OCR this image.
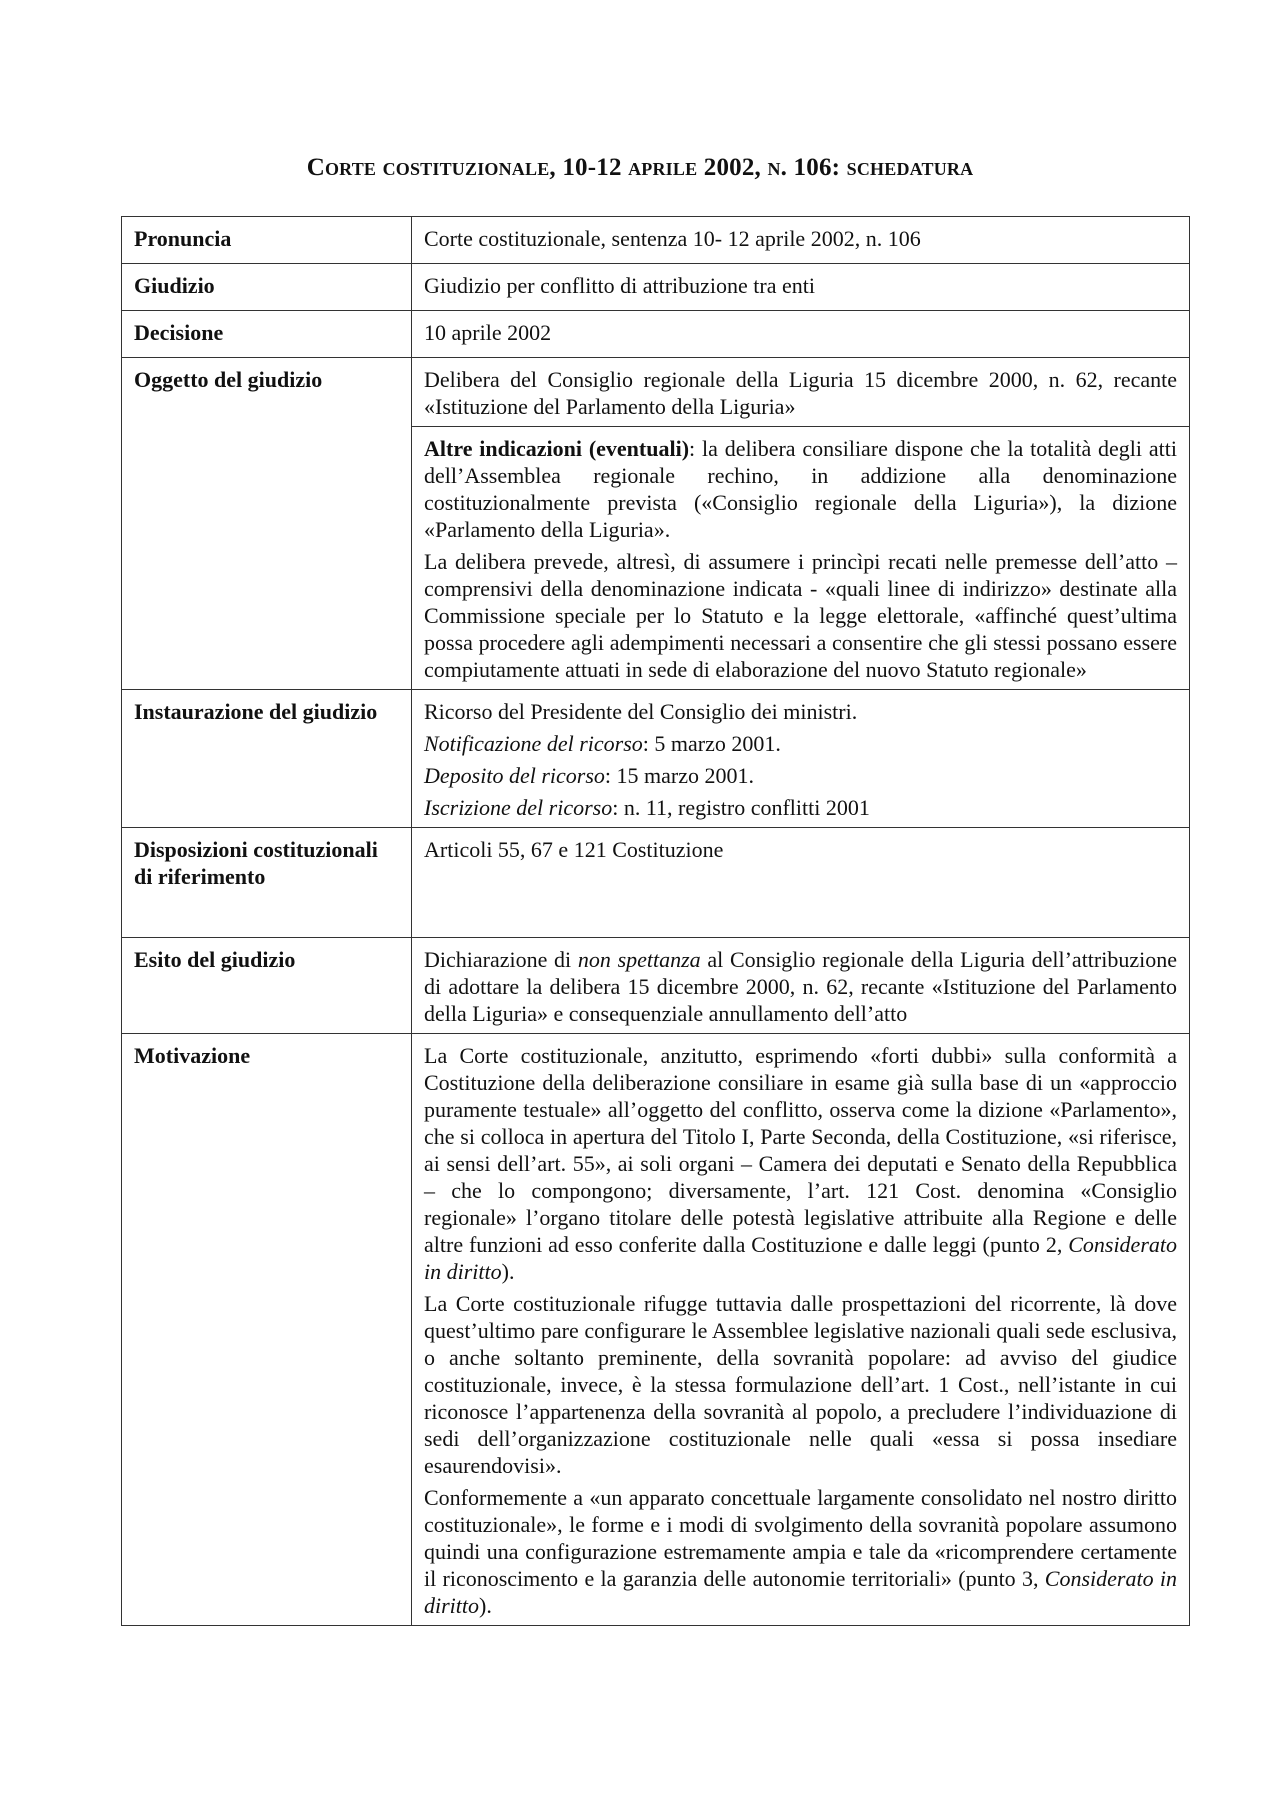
Corte costituzionale, 10-12 aprile 2002, n. 106: schedatura
Pronuncia	Corte costituzionale, sentenza 10- 12 aprile 2002, n. 106
Giudizio	Giudizio per conflitto di attribuzione tra enti
Decisione	10 aprile 2002
Oggetto del giudizio	Delibera del Consiglio regionale della Liguria 15 dicembre 2000, n. 62, recante «Istituzione del Parlamento della Liguria»

	Altre indicazioni (eventuali): la delibera consiliare dispone che la totalità degli atti dell’Assemblea regionale rechino, in addizione alla denominazione costituzionalmente prevista («Consiglio regionale della Liguria»), la dizione «Parlamento della Liguria».

La delibera prevede, altresì, di assumere i princìpi recati nelle premesse dell’atto – comprensivi della denominazione indicata - «quali linee di indirizzo» destinate alla Commissione speciale per lo Statuto e la legge elettorale, «affinché quest’ultima possa procedere agli adempimenti necessari a consentire che gli stessi possano essere compiutamente attuati in sede di elaborazione del nuovo Statuto regionale»

Instaurazione del giudizio	Ricorso del Presidente del Consiglio dei ministri.

Notificazione del ricorso: 5 marzo 2001.

Deposito del ricorso: 15 marzo 2001.

Iscrizione del ricorso: n. 11, registro conflitti 2001

Disposizioni costituzionali di riferimento	Articoli 55, 67 e 121 Costituzione
Esito del giudizio	Dichiarazione di non spettanza al Consiglio regionale della Liguria dell’attribuzione di adottare la delibera 15 dicembre 2000, n. 62, recante «Istituzione del Parlamento della Liguria» e consequenziale annullamento dell’atto

Motivazione	La Corte costituzionale, anzitutto, esprimendo «forti dubbi» sulla conformità a Costituzione della deliberazione consiliare in esame già sulla base di un «approccio puramente testuale» all’oggetto del conflitto, osserva come la dizione «Parlamento», che si colloca in apertura del Titolo I, Parte Seconda, della Costituzione, «si riferisce, ai sensi dell’art. 55», ai soli organi – Camera dei deputati e Senato della Repubblica – che lo compongono; diversamente, l’art. 121 Cost. denomina «Consiglio regionale» l’organo titolare delle potestà legislative attribuite alla Regione e delle altre funzioni ad esso conferite dalla Costituzione e dalle leggi (punto 2, Considerato in diritto).

La Corte costituzionale rifugge tuttavia dalle prospettazioni del ricorrente, là dove quest’ultimo pare configurare le Assemblee legislative nazionali quali sede esclusiva, o anche soltanto preminente, della sovranità popolare: ad avviso del giudice costituzionale, invece, è la stessa formulazione dell’art. 1 Cost., nell’istante in cui riconosce l’appartenenza della sovranità al popolo, a precludere l’individuazione di sedi dell’organizzazione costituzionale nelle quali «essa si possa insediare esaurendovisi».

Conformemente a «un apparato concettuale largamente consolidato nel nostro diritto costituzionale», le forme e i modi di svolgimento della sovranità popolare assumono quindi una configurazione estremamente ampia e tale da «ricomprendere certamente il riconoscimento e la garanzia delle autonomie territoriali» (punto 3, Considerato in diritto).
